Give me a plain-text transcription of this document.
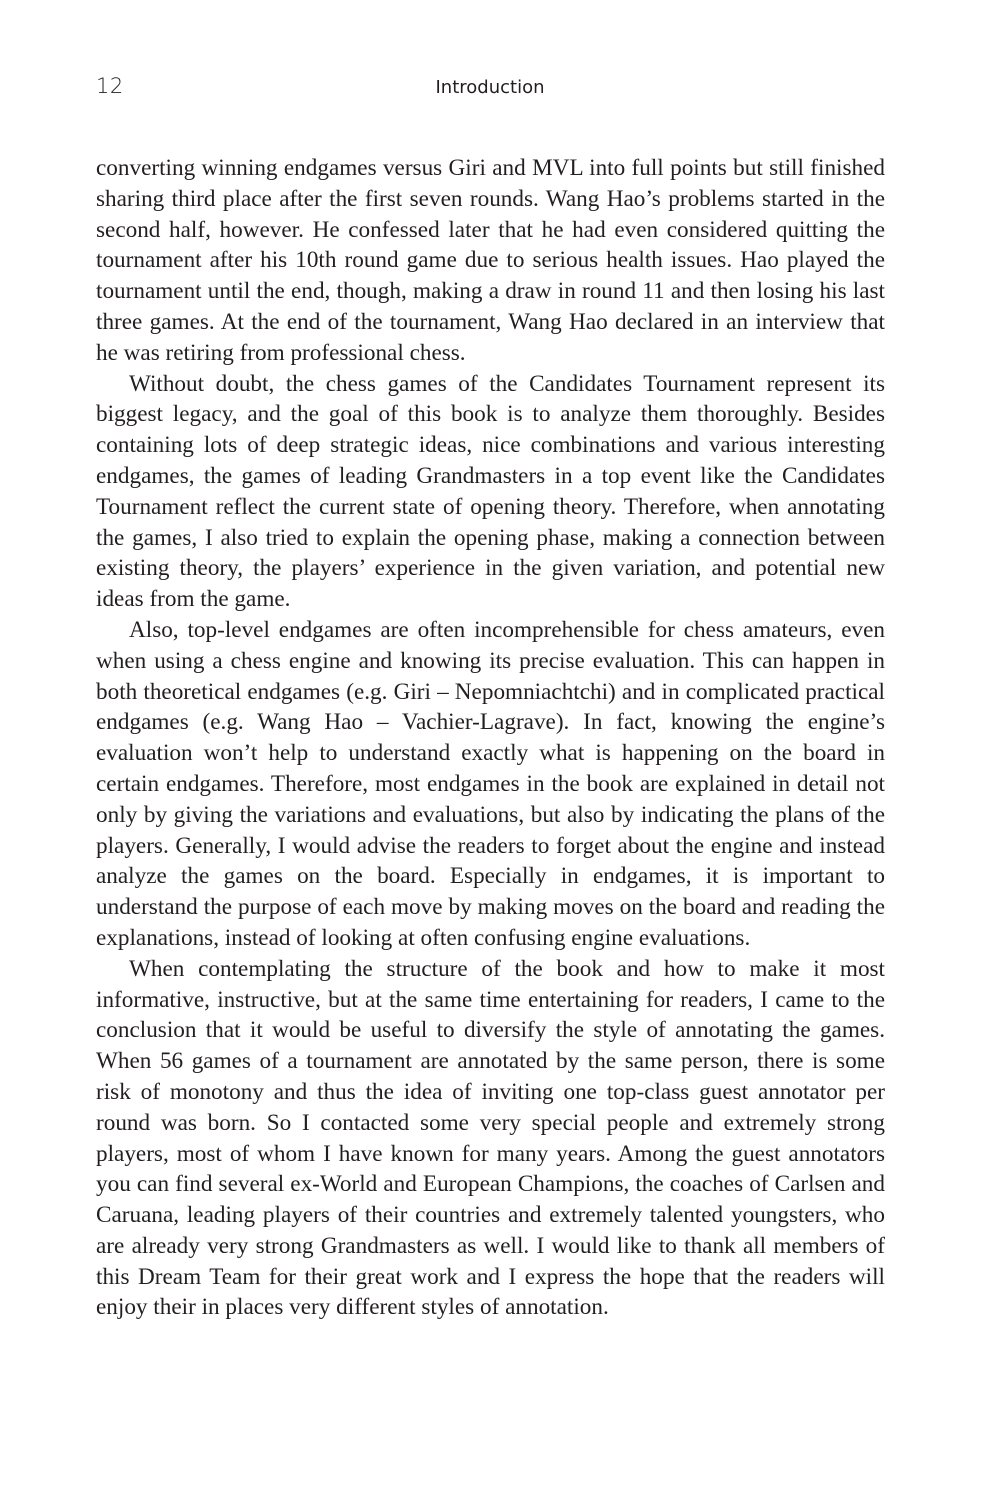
12	Introduction

converting winning endgames versus Giri and MVL into full points but still finished sharing third place after the first seven rounds. Wang Hao’s problems started in the second half, however. He confessed later that he had even considered quitting the tournament after his 10th round game due to serious health issues. Hao played the tournament until the end, though, making a draw in round 11 and then losing his last three games. At the end of the tournament, Wang Hao declared in an interview that he was retiring from professional chess.

Without doubt, the chess games of the Candidates Tournament represent its biggest legacy, and the goal of this book is to analyze them thoroughly. Besides containing lots of deep strategic ideas, nice combinations and various interesting endgames, the games of leading Grandmasters in a top event like the Candidates Tournament reflect the current state of opening theory. Therefore, when annotating the games, I also tried to explain the opening phase, making a connection between existing theory, the players’ experience in the given variation, and potential new ideas from the game.

Also, top-level endgames are often incomprehensible for chess amateurs, even when using a chess engine and knowing its precise evaluation. This can happen in both theoretical endgames (e.g. Giri – Nepomniachtchi) and in complicated practical endgames (e.g. Wang Hao – Vachier-Lagrave). In fact, knowing the engine’s evaluation won’t help to understand exactly what is happening on the board in certain endgames. Therefore, most endgames in the book are explained in detail not only by giving the variations and evaluations, but also by indicating the plans of the players. Generally, I would advise the readers to forget about the engine and instead analyze the games on the board. Especially in endgames, it is important to understand the purpose of each move by making moves on the board and reading the explanations, instead of looking at often confusing engine evaluations.

When contemplating the structure of the book and how to make it most informative, instructive, but at the same time entertaining for readers, I came to the conclusion that it would be useful to diversify the style of annotating the games. When 56 games of a tournament are annotated by the same person, there is some risk of monotony and thus the idea of inviting one top-class guest annotator per round was born. So I contacted some very special people and extremely strong players, most of whom I have known for many years. Among the guest annotators you can find several ex-World and European Champions, the coaches of Carlsen and Caruana, leading players of their countries and extremely talented youngsters, who are already very strong Grandmasters as well. I would like to thank all members of this Dream Team for their great work and I express the hope that the readers will enjoy their in places very different styles of annotation.
